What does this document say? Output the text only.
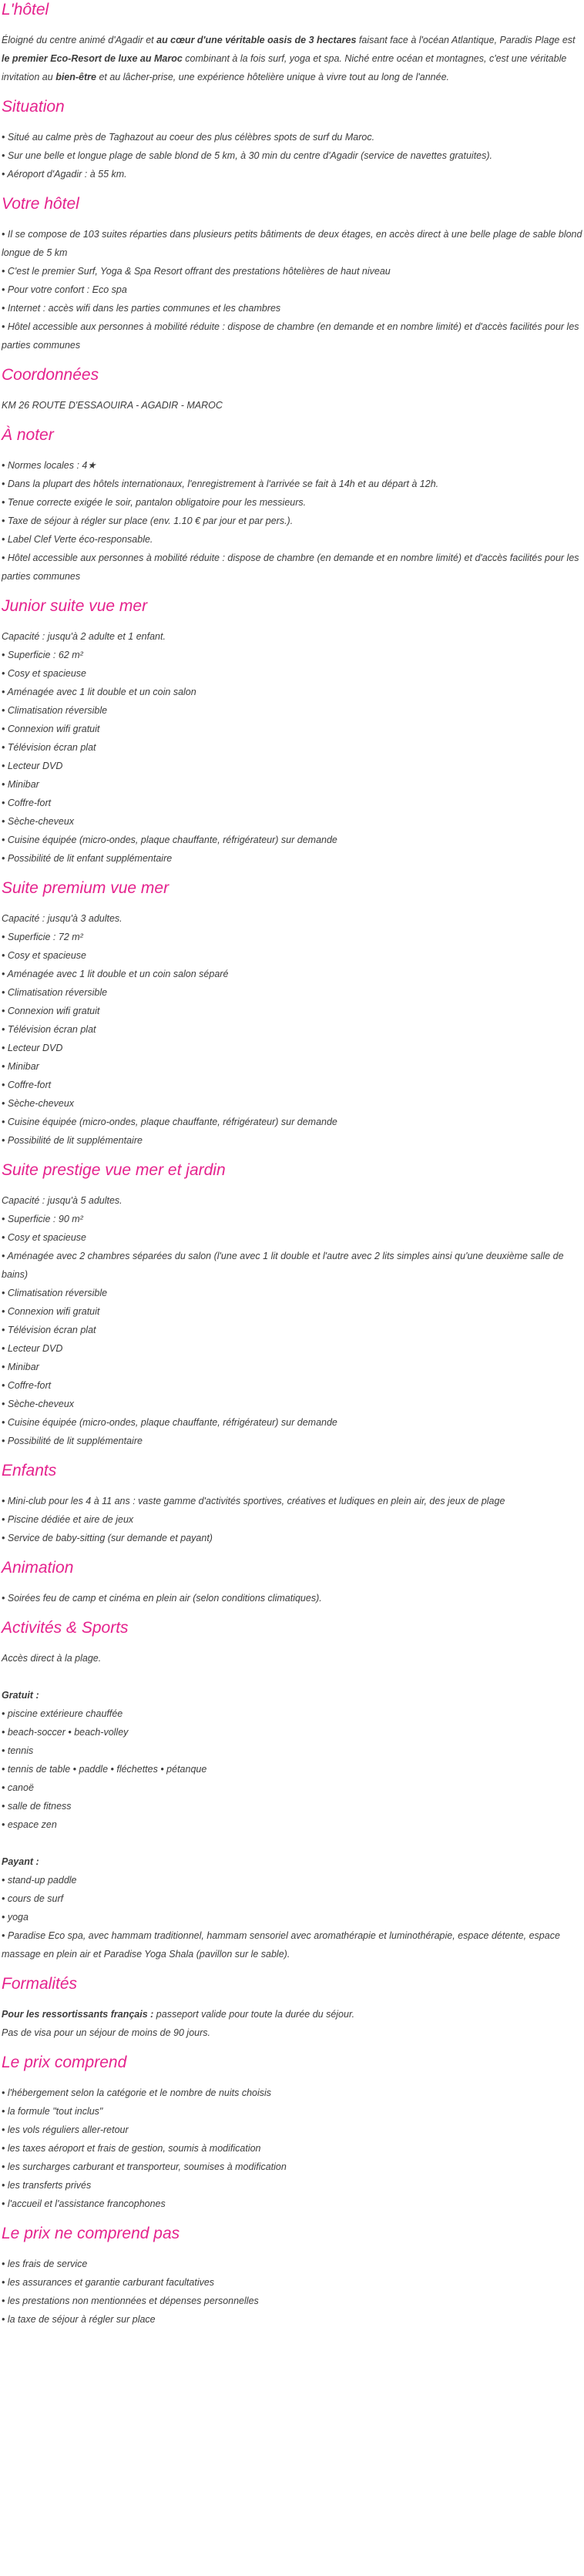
L'hôtel

Éloigné du centre animé d'Agadir et au cœur d'une véritable oasis de 3 hectares faisant face à l'océan Atlantique, Paradis Plage est le premier Eco-Resort de luxe au Maroc combinant à la fois surf, yoga et spa. Niché entre océan et montagnes, c'est une véritable invitation au bien-être et au lâcher-prise, une expérience hôtelière unique à vivre tout au long de l'année.

Situation
• Situé au calme près de Taghazout au coeur des plus célèbres spots de surf du Maroc.
• Sur une belle et longue plage de sable blond de 5 km, à 30 min du centre d'Agadir (service de navettes gratuites).
• Aéroport d'Agadir : à 55 km.
Votre hôtel
• Il se compose de 103 suites réparties dans plusieurs petits bâtiments de deux étages, en accès direct à une belle plage de sable blond longue de 5 km
• C'est le premier Surf, Yoga & Spa Resort offrant des prestations hôtelières de haut niveau
• Pour votre confort : Eco spa
• Internet : accès wifi dans les parties communes et les chambres
• Hôtel accessible aux personnes à mobilité réduite : dispose de chambre (en demande et en nombre limité) et d'accès facilités pour les parties communes
Coordonnées
KM 26 ROUTE D'ESSAOUIRA - AGADIR - MAROC
À noter
• Normes locales : 4★
• Dans la plupart des hôtels internationaux, l'enregistrement à l'arrivée se fait à 14h et au départ à 12h.
• Tenue correcte exigée le soir, pantalon obligatoire pour les messieurs.
• Taxe de séjour à régler sur place (env. 1.10 € par jour et par pers.).
• Label Clef Verte éco-responsable.
• Hôtel accessible aux personnes à mobilité réduite : dispose de chambre (en demande et en nombre limité) et d'accès facilités pour les parties communes
Junior suite vue mer
Capacité : jusqu'à 2 adulte et 1 enfant.
• Superficie : 62 m²
• Cosy et spacieuse
• Aménagée avec 1 lit double et un coin salon
• Climatisation réversible
• Connexion wifi gratuit
• Télévision écran plat
• Lecteur DVD
• Minibar
• Coffre-fort
• Sèche-cheveux
• Cuisine équipée (micro-ondes, plaque chauffante, réfrigérateur) sur demande
• Possibilité de lit enfant supplémentaire
Suite premium vue mer
Capacité : jusqu'à 3 adultes.
• Superficie : 72 m²
• Cosy et spacieuse
• Aménagée avec 1 lit double et un coin salon séparé
• Climatisation réversible
• Connexion wifi gratuit
• Télévision écran plat
• Lecteur DVD
• Minibar
• Coffre-fort
• Sèche-cheveux
• Cuisine équipée (micro-ondes, plaque chauffante, réfrigérateur) sur demande
• Possibilité de lit supplémentaire
Suite prestige vue mer et jardin
Capacité : jusqu'à 5 adultes.
• Superficie : 90 m²
• Cosy et spacieuse
• Aménagée avec 2 chambres séparées du salon (l'une avec 1 lit double et l'autre avec 2 lits simples ainsi qu'une deuxième salle de bains)
• Climatisation réversible
• Connexion wifi gratuit
• Télévision écran plat
• Lecteur DVD
• Minibar
• Coffre-fort
• Sèche-cheveux
• Cuisine équipée (micro-ondes, plaque chauffante, réfrigérateur) sur demande
• Possibilité de lit supplémentaire
Enfants
• Mini-club pour les 4 à 11 ans : vaste gamme d'activités sportives, créatives et ludiques en plein air, des jeux de plage
• Piscine dédiée et aire de jeux
• Service de baby-sitting (sur demande et payant)
Animation
• Soirées feu de camp et cinéma en plein air (selon conditions climatiques).
Activités & Sports
Accès direct à la plage.
Gratuit :
• piscine extérieure chauffée
• beach-soccer • beach-volley
• tennis
• tennis de table • paddle • fléchettes • pétanque
• canoë
• salle de fitness
• espace zen
Payant :
• stand-up paddle
• cours de surf
• yoga
• Paradise Eco spa, avec hammam traditionnel, hammam sensoriel avec aromathérapie et luminothérapie, espace détente, espace massage en plein air et Paradise Yoga Shala (pavillon sur le sable).
Formalités
Pour les ressortissants français : passeport valide pour toute la durée du séjour.
Pas de visa pour un séjour de moins de 90 jours.
Le prix comprend
• l'hébergement selon la catégorie et le nombre de nuits choisis
• la formule "tout inclus"
• les vols réguliers aller-retour
• les taxes aéroport et frais de gestion, soumis à modification
• les surcharges carburant et transporteur, soumises à modification
• les transferts privés
• l'accueil et l'assistance francophones
Le prix ne comprend pas
• les frais de service
• les assurances et garantie carburant facultatives
• les prestations non mentionnées et dépenses personnelles
• la taxe de séjour à régler sur place
